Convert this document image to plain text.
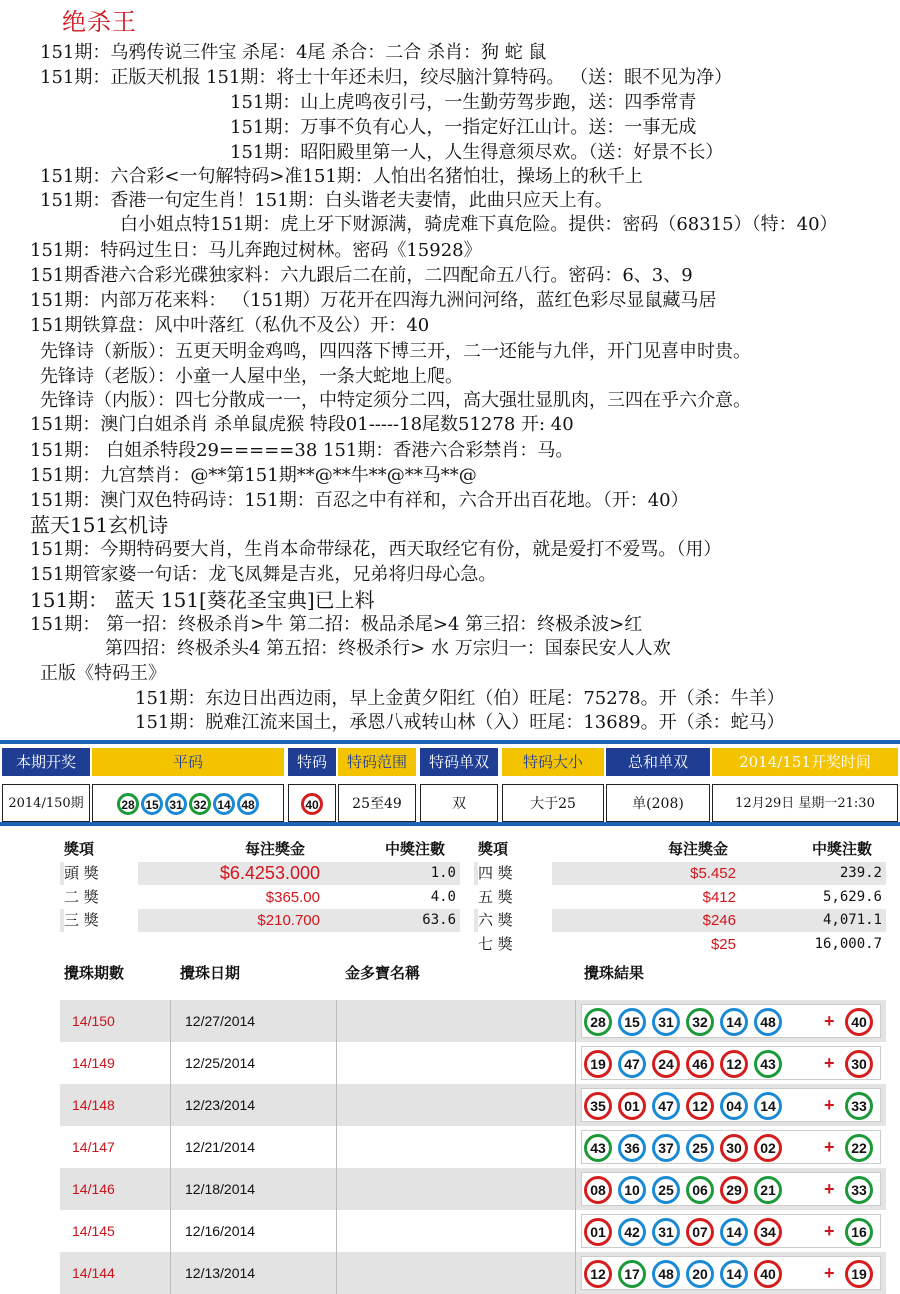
绝杀王
151期：乌鸦传说三件宝 杀尾：4尾 杀合：二合 杀肖：狗 蛇 鼠
151期：正版天机报 151期：将士十年还未归，绞尽脑汁算特码。 （送：眼不见为净）
151期：山上虎鸣夜引弓，一生勤劳驾步跑，送：四季常青
151期：万事不负有心人，一指定好江山计。送：一事无成
151期：昭阳殿里第一人，人生得意须尽欢。（送：好景不长）
151期：六合彩<一句解特码>准151期：人怕出名猪怕壮，操场上的秋千上
151期：香港一句定生肖！151期：白头谐老夫妻情，此曲只应天上有。
白小姐点特151期：虎上牙下财源满，骑虎难下真危险。提供：密码（68315）（特：40）
151期：特码过生日：马儿奔跑过树林。密码《15928》
151期香港六合彩光碟独家料：六九跟后二在前，二四配命五八行。密码：6、3、9
151期：内部万花来料： （151期）万花开在四海九洲问河络，蓝红色彩尽显鼠藏马居
151期铁算盘：风中叶落红（私仇不及公）开：40
先锋诗（新版）：五更天明金鸡鸣，四四落下博三开，二一还能与九伴，开门见喜申时贵。
先锋诗（老版）：小童一人屋中坐，一条大蛇地上爬。
先锋诗（内版）：四七分散成一一，中特定须分二四，高大强壮显肌肉，三四在乎六介意。
151期：澳门白姐杀肖 杀单鼠虎猴 特段01-----18尾数51278 开: 40
151期： 白姐杀特段29=====38 151期：香港六合彩禁肖：马。
151期：九宫禁肖：@**第151期**@**牛**@**马**@
151期：澳门双色特码诗：151期：百忍之中有祥和，六合开出百花地。（开：40）
蓝天151玄机诗
151期：今期特码要大肖，生肖本命带绿花，西天取经它有份，就是爱打不爱骂。（用）
151期管家婆一句话：龙飞凤舞是吉兆，兄弟将归母心急。
151期： 蓝天 151[葵花圣宝典]已上料
151期： 第一招：终极杀肖>牛 第二招：极品杀尾>4 第三招：终极杀波>红
第四招：终极杀头4 第五招：终极杀行> 水 万宗归一：国泰民安人人欢
正版《特码王》
151期：东边日出西边雨，早上金黄夕阳红（伯）旺尾：75278。开（杀：牛羊）
151期：脱难江流来国土，承恩八戒转山林（入）旺尾：13689。开（杀：蛇马）
本期开奖	平码	特码	特码范围	特码单双	特码大小	总和单双	2014/151开奖时间
2014/150期	28 15 31 32 14 48	40	25至49	双	大于25	单(208)	12月29日 星期一21:30
獎項	每注獎金	中獎注數 獎項	每注獎金	中獎注數
頭 獎	$6.4253.000	1.0
二 獎	$365.00	4.0
三 獎	$210.700	63.6
四 獎	$5.452	239.2
五 獎	$412	5,629.6
六 獎	$246	4,071.1
七 獎	$25	16,000.7
攪珠期數	攪珠日期	金多寶名稱	攪珠結果
14/150	12/27/2014	28	15	31	32	14	48	+	40
14/149	12/25/2014	19	47	24	46	12	43	+	30
14/148	12/23/2014	35	01	47	12	04	14	+	33
14/147	12/21/2014	43	36	37	25	30	02	+	22
14/146	12/18/2014	08	10	25	06	29	21	+	33
14/145	12/16/2014	01	42	31	07	14	34	+	16
14/144	12/13/2014	12	17	48	20	14	40	+	19
